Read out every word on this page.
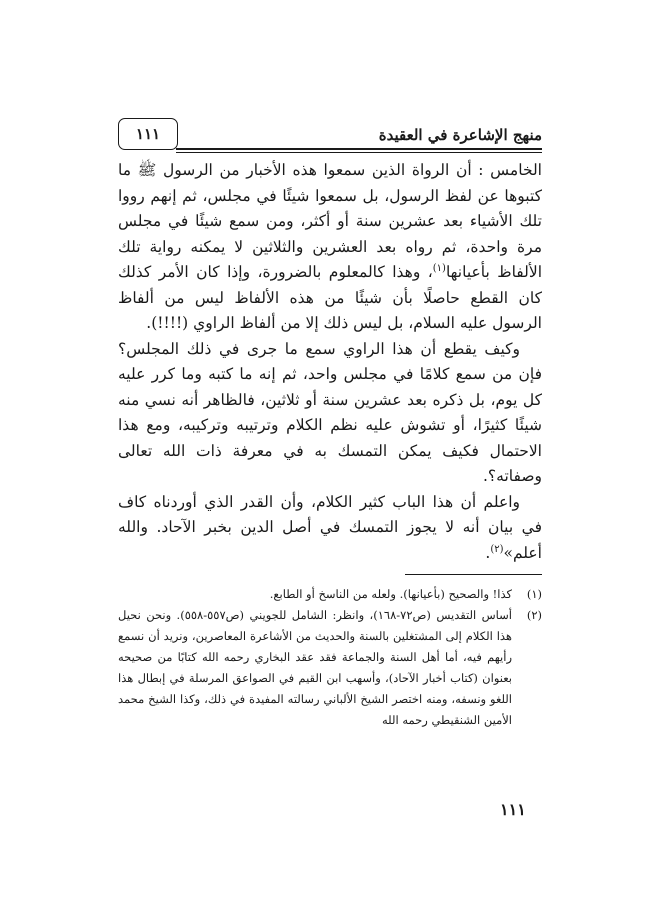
منهج الإشاعرة في العقيدة
١١١

الخامس : أن الرواة الذين سمعوا هذه الأخبار من الرسول ﷺ ما كتبوها عن لفظ الرسول، بل سمعوا شيئًا في مجلس، ثم إنهم رووا تلك الأشياء بعد عشرين سنة أو أكثر، ومن سمع شيئًا في مجلس مرة واحدة، ثم رواه بعد العشرين والثلاثين لا يمكنه رواية تلك الألفاظ بأعيانها$^{(١)}$، وهذا كالمعلوم بالضرورة، وإذا كان الأمر كذلك كان القطع حاصلًا بأن شيئًا من هذه الألفاظ ليس من ألفاظ الرسول عليه السلام، بل ليس ذلك إلا من ألفاظ الراوي (!!!!).

وكيف يقطع أن هذا الراوي سمع ما جرى في ذلك المجلس؟ فإن من سمع كلامًا في مجلس واحد، ثم إنه ما كتبه وما كرر عليه كل يوم، بل ذكره بعد عشرين سنة أو ثلاثين، فالظاهر أنه نسي منه شيئًا كثيرًا، أو تشوش عليه نظم الكلام وترتيبه وتركيبه، ومع هذا الاحتمال فكيف يمكن التمسك به في معرفة ذات الله تعالى وصفاته؟.

واعلم أن هذا الباب كثير الكلام، وأن القدر الذي أوردناه كاف في بيان أنه لا يجوز التمسك في أصل الدين بخبر الآحاد. والله أعلم»$^{(٢)}$.

(١)
كذا! والصحيح (بأعيانها). ولعله من الناسخ أو الطابع.
(٢)
أساس التقديس (ص٧٢-١٦٨)، وانظر: الشامل للجويني (ص٥٥٧-٥٥٨). ونحن نحيل هذا الكلام إلى المشتغلين بالسنة والحديث من الأشاعرة المعاصرين، ونريد أن نسمع رأيهم فيه، أما أهل السنة والجماعة فقد عقد البخاري رحمه الله كتابًا من صحيحه بعنوان (كتاب أخبار الآحاد)، وأسهب ابن القيم في الصواعق المرسلة في إبطال هذا اللغو ونسفه، ومنه اختصر الشيخ الألباني رسالته المفيدة في ذلك، وكذا الشيخ محمد الأمين الشنقيطي رحمه الله
١١١
